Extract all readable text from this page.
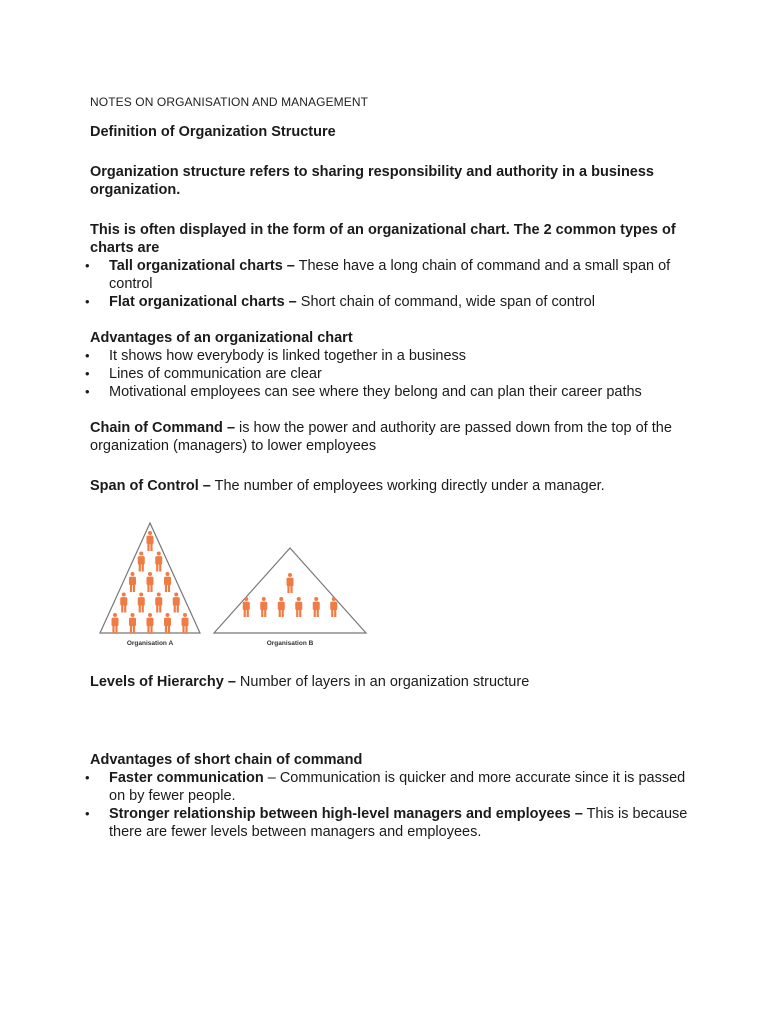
NOTES ON ORGANISATION AND MANAGEMENT
Definition of Organization Structure
Organization structure refers to sharing responsibility and authority in a business organization.
This is often displayed in the form of an organizational chart. The 2 common types of charts are
• Tall organizational charts – These have a long chain of command and a small span of control
• Flat organizational charts – Short chain of command, wide span of control
Advantages of an organizational chart
• It shows how everybody is linked together in a business
• Lines of communication are clear
• Motivational employees can see where they belong and can plan their career paths
Chain of Command – is how the power and authority are passed down from the top of the organization (managers) to lower employees
Span of Control – The number of employees working directly under a manager.
Organisation A	Organisation B
Levels of Hierarchy – Number of layers in an organization structure
Advantages of short chain of command
• Faster communication – Communication is quicker and more accurate since it is passed on by fewer people.
• Stronger relationship between high-level managers and employees – This is because there are fewer levels between managers and employees.
